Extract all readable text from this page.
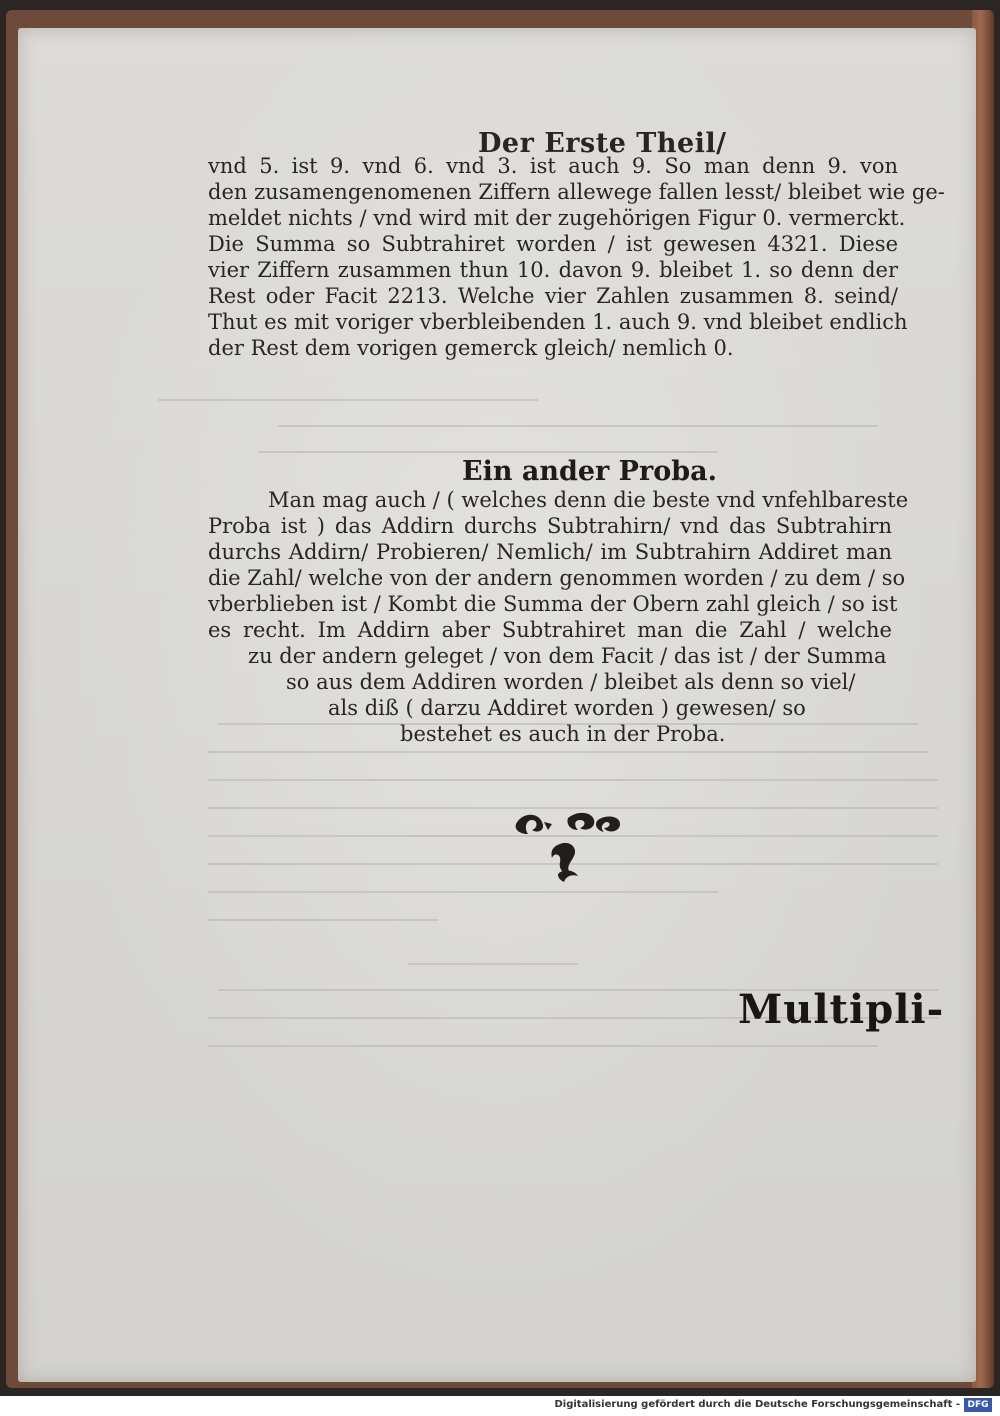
Der Erste Theil/
vnd 5. ist 9. vnd 6. vnd 3. ist auch 9. So man denn 9. von
den zusamengenomenen Ziffern allewege fallen lesst/ bleibet wie ge-
meldet nichts / vnd wird mit der zugehörigen Figur 0. vermerckt.
Die Summa so Subtrahiret worden / ist gewesen 4321. Diese
vier Ziffern zusammen thun 10. davon 9. bleibet 1. so denn der
Rest oder Facit 2213. Welche vier Zahlen zusammen 8. seind/
Thut es mit voriger vberbleibenden 1. auch 9. vnd bleibet endlich
der Rest dem vorigen gemerck gleich/ nemlich 0.
Ein ander Proba.
Man mag auch / ( welches denn die beste vnd vnfehlbareste
Proba ist ) das Addirn durchs Subtrahirn/ vnd das Subtrahirn
durchs Addirn/ Probieren/ Nemlich/ im Subtrahirn Addiret man
die Zahl/ welche von der andern genommen worden / zu dem / so
vberblieben ist / Kombt die Summa der Obern zahl gleich / so ist
es recht. Im Addirn aber Subtrahiret man die Zahl / welche
zu der andern geleget / von dem Facit / das ist / der Summa
so aus dem Addiren worden / bleibet als denn so viel/
als diß ( darzu Addiret worden ) gewesen/ so
bestehet es auch in der Proba.
Multipli-
Digitalisierung gefördert durch die Deutsche Forschungsgemeinschaft - DFG
